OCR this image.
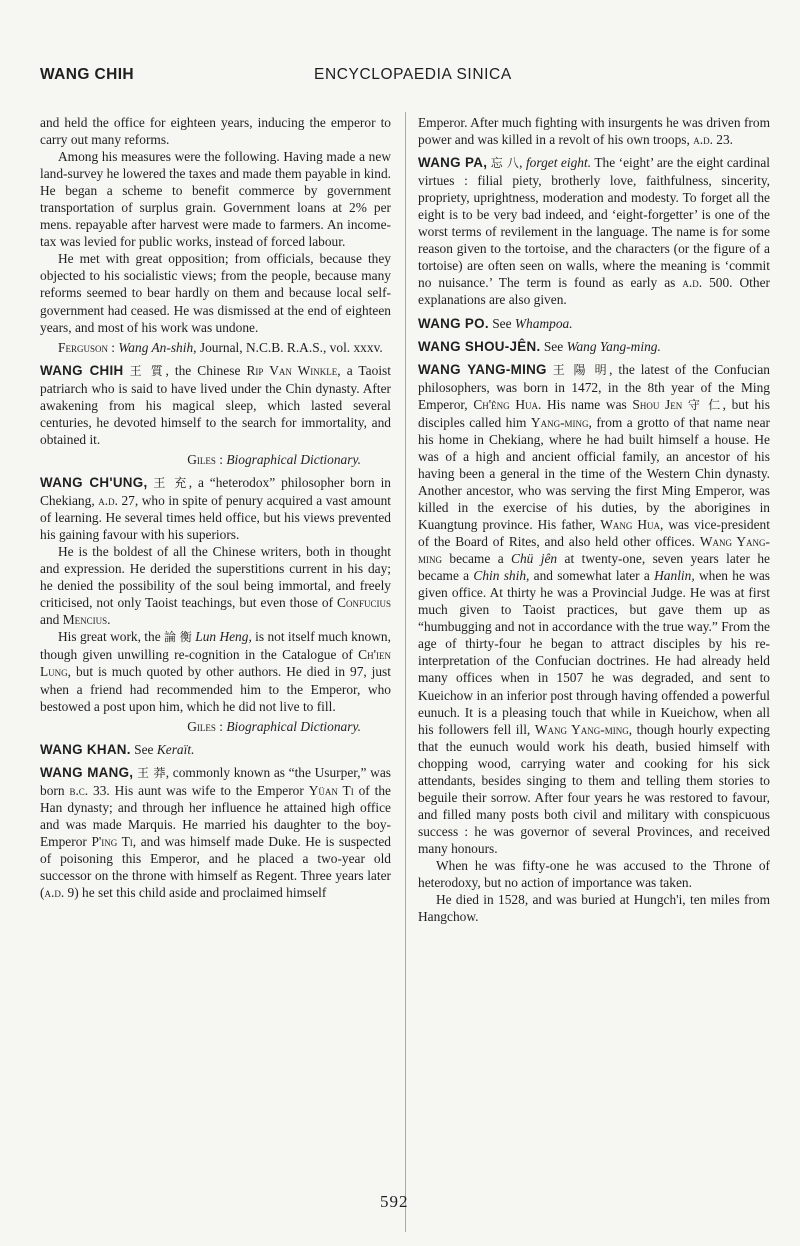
WANG CHIH	ENCYCLOPAEDIA SINICA

and held the office for eighteen years, inducing the emperor to carry out many reforms.

Among his measures were the following. Having made a new land-survey he lowered the taxes and made them payable in kind. He began a scheme to benefit commerce by government transportation of surplus grain. Government loans at 2% per mens. repayable after harvest were made to farmers. An income-tax was levied for public works, instead of forced labour.

He met with great opposition; from officials, because they objected to his socialistic views; from the people, because many reforms seemed to bear hardly on them and because local self-government had ceased. He was dismissed at the end of eighteen years, and most of his work was undone.

Ferguson : Wang An-shih, Journal, N.C.B. R.A.S., vol. xxxv.

WANG CHIH 王 質, the Chinese Rip Van Winkle, a Taoist patriarch who is said to have lived under the Chin dynasty. After awakening from his magical sleep, which lasted several centuries, he devoted himself to the search for immortality, and obtained it.

Giles : Biographical Dictionary.

WANG CH'UNG, 王 充, a “heterodox” philosopher born in Chekiang, a.d. 27, who in spite of penury acquired a vast amount of learning. He several times held office, but his views prevented his gaining favour with his superiors.

He is the boldest of all the Chinese writers, both in thought and expression. He derided the superstitions current in his day; he denied the possibility of the soul being immortal, and freely criticised, not only Taoist teachings, but even those of Confucius and Mencius.

His great work, the 論 衡 Lun Heng, is not itself much known, though given unwilling re-cognition in the Catalogue of Ch'ien Lung, but is much quoted by other authors. He died in 97, just when a friend had recommended him to the Emperor, who bestowed a post upon him, which he did not live to fill.

Giles : Biographical Dictionary.

WANG KHAN. See Keraït.

WANG MANG, 王 莽, commonly known as “the Usurper,” was born b.c. 33. His aunt was wife to the Emperor Yüan Ti of the Han dynasty; and through her influence he attained high office and was made Marquis. He married his daughter to the boy-Emperor P'ing Ti, and was himself made Duke. He is suspected of poisoning this Emperor, and he placed a two-year old successor on the throne with himself as Regent. Three years later (a.d. 9) he set this child aside and proclaimed himself

Emperor. After much fighting with insurgents he was driven from power and was killed in a revolt of his own troops, a.d. 23.

WANG PA, 忘 八, forget eight. The ‘eight’ are the eight cardinal virtues : filial piety, brotherly love, faithfulness, sincerity, propriety, uprightness, moderation and modesty. To forget all the eight is to be very bad indeed, and ‘eight-forgetter’ is one of the worst terms of revilement in the language. The name is for some reason given to the tortoise, and the characters (or the figure of a tortoise) are often seen on walls, where the meaning is ‘commit no nuisance.’ The term is found as early as a.d. 500. Other explanations are also given.

WANG PO. See Whampoa.

WANG SHOU-JÊN. See Wang Yang-ming.

WANG YANG-MING 王 陽 明, the latest of the Confucian philosophers, was born in 1472, in the 8th year of the Ming Emperor, Ch'êng Hua. His name was Shou Jen 守 仁, but his disciples called him Yang-ming, from a grotto of that name near his home in Chekiang, where he had built himself a house. He was of a high and ancient official family, an ancestor of his having been a general in the time of the Western Chin dynasty. Another ancestor, who was serving the first Ming Emperor, was killed in the exercise of his duties, by the aborigines in Kuangtung province. His father, Wang Hua, was vice-president of the Board of Rites, and also held other offices. Wang Yang-ming became a Chü jên at twenty-one, seven years later he became a Chin shih, and somewhat later a Hanlin, when he was given office. At thirty he was a Provincial Judge. He was at first much given to Taoist practices, but gave them up as “humbugging and not in accordance with the true way.” From the age of thirty-four he began to attract disciples by his re-interpretation of the Confucian doctrines. He had already held many offices when in 1507 he was degraded, and sent to Kueichow in an inferior post through having offended a powerful eunuch. It is a pleasing touch that while in Kueichow, when all his followers fell ill, Wang Yang-ming, though hourly expecting that the eunuch would work his death, busied himself with chopping wood, carrying water and cooking for his sick attendants, besides singing to them and telling them stories to beguile their sorrow. After four years he was restored to favour, and filled many posts both civil and military with conspicuous success : he was governor of several Provinces, and received many honours.

When he was fifty-one he was accused to the Throne of heterodoxy, but no action of importance was taken.

He died in 1528, and was buried at Hungch'i, ten miles from Hangchow.

592
